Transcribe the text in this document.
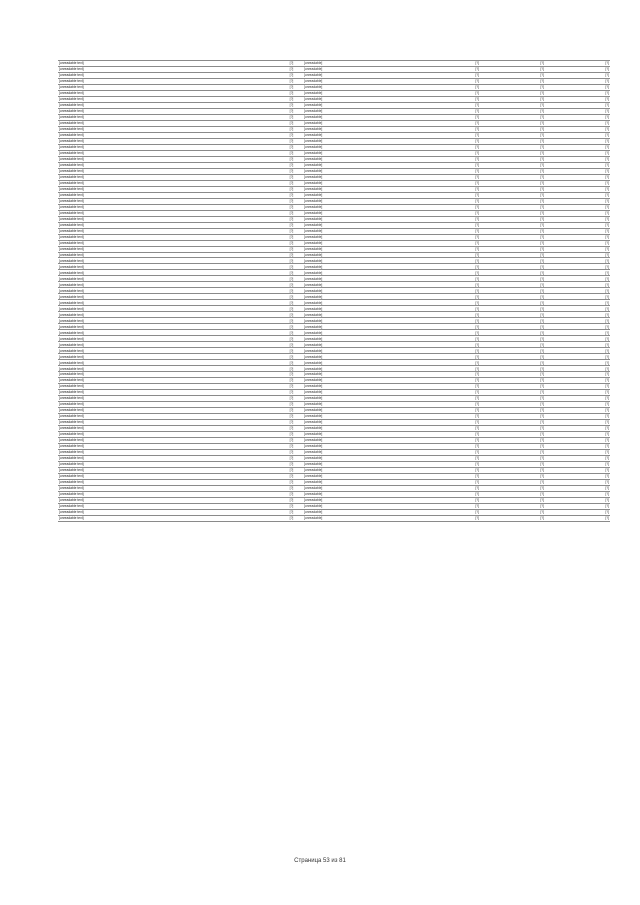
[unreadable text]	[?]	[unreadable]	[?]	[?]	[?]
[unreadable text]	[?]	[unreadable]	[?]	[?]	[?]
[unreadable text]	[?]	[unreadable]	[?]	[?]	[?]
[unreadable text]	[?]	[unreadable]	[?]	[?]	[?]
[unreadable text]	[?]	[unreadable]	[?]	[?]	[?]
[unreadable text]	[?]	[unreadable]	[?]	[?]	[?]
[unreadable text]	[?]	[unreadable]	[?]	[?]	[?]
[unreadable text]	[?]	[unreadable]	[?]	[?]	[?]
[unreadable text]	[?]	[unreadable]	[?]	[?]	[?]
[unreadable text]	[?]	[unreadable]	[?]	[?]	[?]
[unreadable text]	[?]	[unreadable]	[?]	[?]	[?]
[unreadable text]	[?]	[unreadable]	[?]	[?]	[?]
[unreadable text]	[?]	[unreadable]	[?]	[?]	[?]
[unreadable text]	[?]	[unreadable]	[?]	[?]	[?]
[unreadable text]	[?]	[unreadable]	[?]	[?]	[?]
[unreadable text]	[?]	[unreadable]	[?]	[?]	[?]
[unreadable text]	[?]	[unreadable]	[?]	[?]	[?]
[unreadable text]	[?]	[unreadable]	[?]	[?]	[?]
[unreadable text]	[?]	[unreadable]	[?]	[?]	[?]
[unreadable text]	[?]	[unreadable]	[?]	[?]	[?]
[unreadable text]	[?]	[unreadable]	[?]	[?]	[?]
[unreadable text]	[?]	[unreadable]	[?]	[?]	[?]
[unreadable text]	[?]	[unreadable]	[?]	[?]	[?]
[unreadable text]	[?]	[unreadable]	[?]	[?]	[?]
[unreadable text]	[?]	[unreadable]	[?]	[?]	[?]
[unreadable text]	[?]	[unreadable]	[?]	[?]	[?]
[unreadable text]	[?]	[unreadable]	[?]	[?]	[?]
[unreadable text]	[?]	[unreadable]	[?]	[?]	[?]
[unreadable text]	[?]	[unreadable]	[?]	[?]	[?]
[unreadable text]	[?]	[unreadable]	[?]	[?]	[?]
[unreadable text]	[?]	[unreadable]	[?]	[?]	[?]
[unreadable text]	[?]	[unreadable]	[?]	[?]	[?]
[unreadable text]	[?]	[unreadable]	[?]	[?]	[?]
[unreadable text]	[?]	[unreadable]	[?]	[?]	[?]
[unreadable text]	[?]	[unreadable]	[?]	[?]	[?]
[unreadable text]	[?]	[unreadable]	[?]	[?]	[?]
[unreadable text]	[?]	[unreadable]	[?]	[?]	[?]
[unreadable text]	[?]	[unreadable]	[?]	[?]	[?]
[unreadable text]	[?]	[unreadable]	[?]	[?]	[?]
[unreadable text]	[?]	[unreadable]	[?]	[?]	[?]
[unreadable text]	[?]	[unreadable]	[?]	[?]	[?]
[unreadable text]	[?]	[unreadable]	[?]	[?]	[?]
[unreadable text]	[?]	[unreadable]	[?]	[?]	[?]
[unreadable text]	[?]	[unreadable]	[?]	[?]	[?]
[unreadable text]	[?]	[unreadable]	[?]	[?]	[?]
[unreadable text]	[?]	[unreadable]	[?]	[?]	[?]
[unreadable text]	[?]	[unreadable]	[?]	[?]	[?]
[unreadable text]	[?]	[unreadable]	[?]	[?]	[?]
[unreadable text]	[?]	[unreadable]	[?]	[?]	[?]
[unreadable text]	[?]	[unreadable]	[?]	[?]	[?]
[unreadable text]	[?]	[unreadable]	[?]	[?]	[?]
[unreadable text]	[?]	[unreadable]	[?]	[?]	[?]
[unreadable text]	[?]	[unreadable]	[?]	[?]	[?]
[unreadable text]	[?]	[unreadable]	[?]	[?]	[?]
[unreadable text]	[?]	[unreadable]	[?]	[?]	[?]
[unreadable text]	[?]	[unreadable]	[?]	[?]	[?]
[unreadable text]	[?]	[unreadable]	[?]	[?]	[?]
[unreadable text]	[?]	[unreadable]	[?]	[?]	[?]
[unreadable text]	[?]	[unreadable]	[?]	[?]	[?]
[unreadable text]	[?]	[unreadable]	[?]	[?]	[?]
[unreadable text]	[?]	[unreadable]	[?]	[?]	[?]
[unreadable text]	[?]	[unreadable]	[?]	[?]	[?]
[unreadable text]	[?]	[unreadable]	[?]	[?]	[?]
[unreadable text]	[?]	[unreadable]	[?]	[?]	[?]
[unreadable text]	[?]	[unreadable]	[?]	[?]	[?]
[unreadable text]	[?]	[unreadable]	[?]	[?]	[?]
[unreadable text]	[?]	[unreadable]	[?]	[?]	[?]
[unreadable text]	[?]	[unreadable]	[?]	[?]	[?]
[unreadable text]	[?]	[unreadable]	[?]	[?]	[?]
[unreadable text]	[?]	[unreadable]	[?]	[?]	[?]
[unreadable text]	[?]	[unreadable]	[?]	[?]	[?]
[unreadable text]	[?]	[unreadable]	[?]	[?]	[?]
[unreadable text]	[?]	[unreadable]	[?]	[?]	[?]
[unreadable text]	[?]	[unreadable]	[?]	[?]	[?]
[unreadable text]	[?]	[unreadable]	[?]	[?]	[?]
[unreadable text]	[?]	[unreadable]	[?]	[?]	[?]
[unreadable text]	[?]	[unreadable]	[?]	[?]	[?]
Страница 53 из 81
